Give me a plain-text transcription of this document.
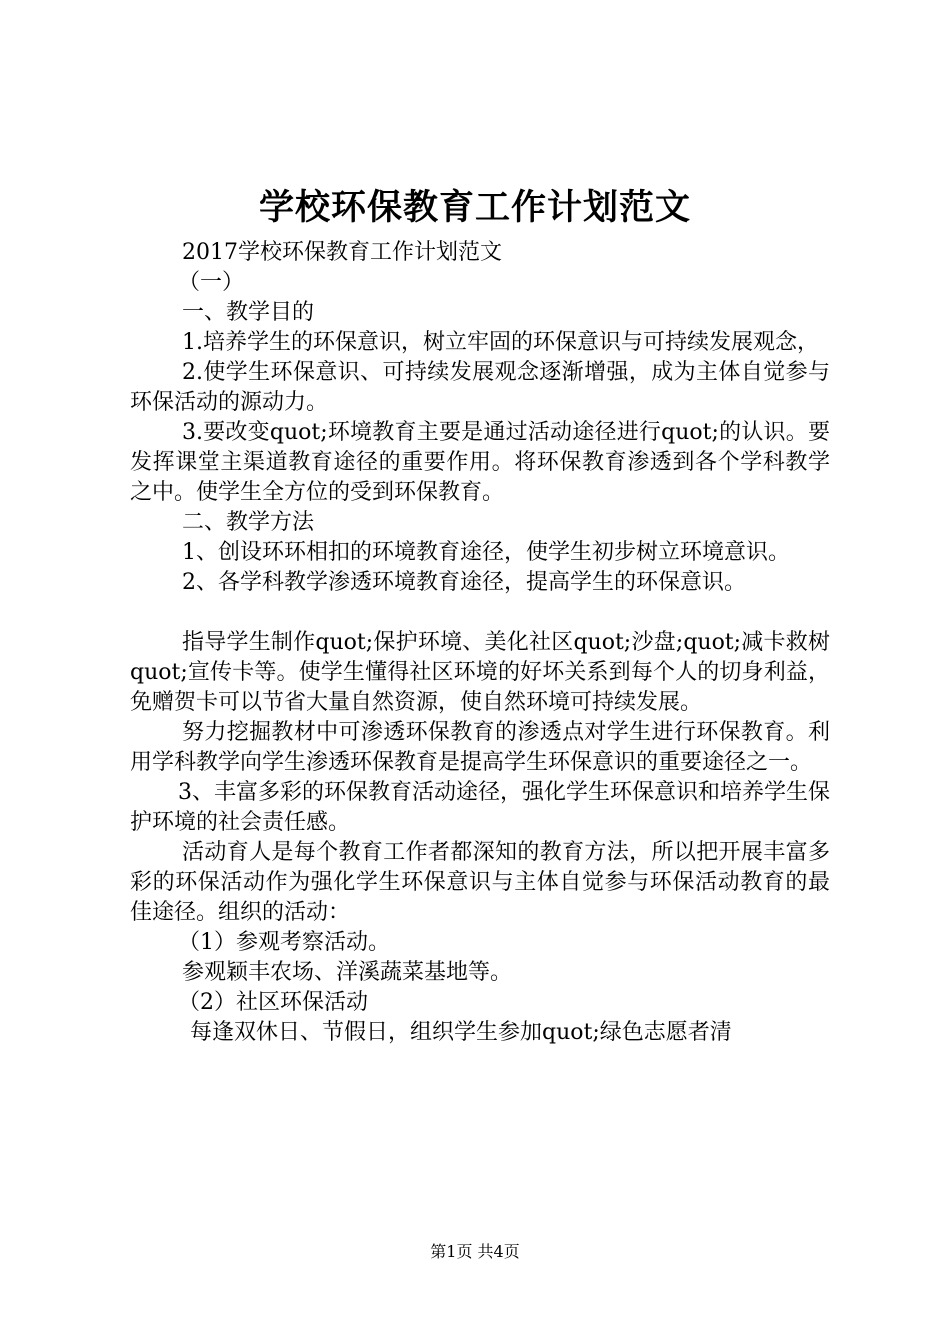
学校环保教育工作计划范文

2017学校环保教育工作计划范文

（一）

一、教学目的

1.培养学生的环保意识，树立牢固的环保意识与可持续发展观念，

2.使学生环保意识、可持续发展观念逐渐增强，成为主体自觉参与环保活动的源动力。

3.要改变quot;环境教育主要是通过活动途径进行quot;的认识。要发挥课堂主渠道教育途径的重要作用。将环保教育渗透到各个学科教学之中。使学生全方位的受到环保教育。

二、教学方法

1、创设环环相扣的环境教育途径，使学生初步树立环境意识。

2、各学科教学渗透环境教育途径，提高学生的环保意识。

指导学生制作quot;保护环境、美化社区quot;沙盘;quot;减卡救树quot;宣传卡等。使学生懂得社区环境的好坏关系到每个人的切身利益，免赠贺卡可以节省大量自然资源，使自然环境可持续发展。

努力挖掘教材中可渗透环保教育的渗透点对学生进行环保教育。利用学科教学向学生渗透环保教育是提高学生环保意识的重要途径之一。

3、丰富多彩的环保教育活动途径，强化学生环保意识和培养学生保护环境的社会责任感。

活动育人是每个教育工作者都深知的教育方法，所以把开展丰富多彩的环保活动作为强化学生环保意识与主体自觉参与环保活动教育的最佳途径。组织的活动：

（1）参观考察活动。

参观颖丰农场、洋溪蔬菜基地等。

（2）社区环保活动

每逢双休日、节假日，组织学生参加quot;绿色志愿者清

第1页 共4页
